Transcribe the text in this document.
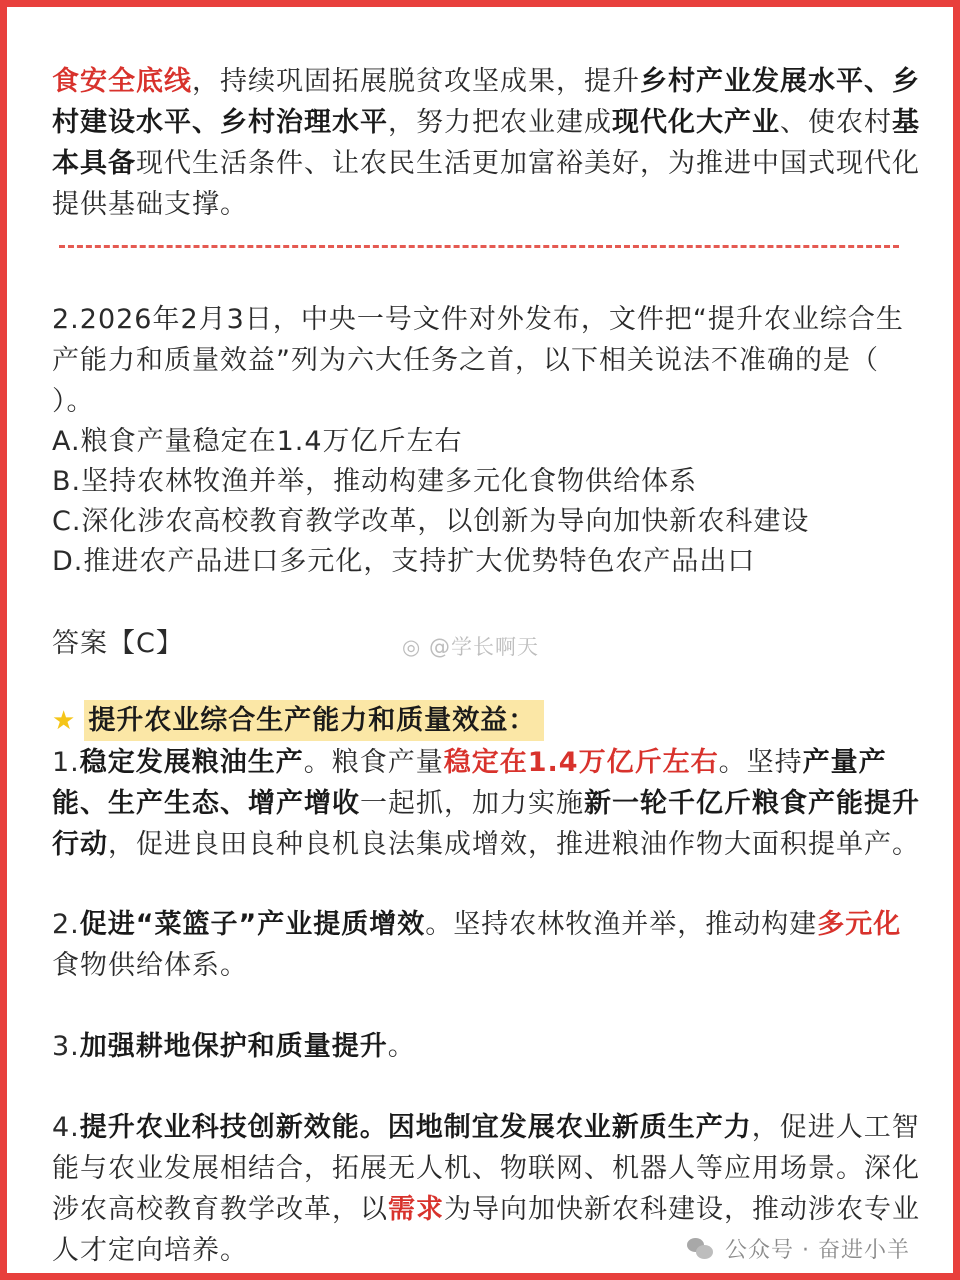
食安全底线，持续巩固拓展脱贫攻坚成果，提升乡村产业发展水平、乡村建设水平、乡村治理水平，努力把农业建成现代化大产业、使农村基本具备现代生活条件、让农民生活更加富裕美好，为推进中国式现代化提供基础支撑。
2.2026年2月3日，中央一号文件对外发布，文件把“提升农业综合生产能力和质量效益”列为六大任务之首，以下相关说法不准确的是（ ）。
A.粮食产量稳定在1.4万亿斤左右
B.坚持农林牧渔并举，推动构建多元化食物供给体系
C.深化涉农高校教育教学改革，以创新为导向加快新农科建设
D.推进农产品进口多元化，支持扩大优势特色农产品出口
答案【C】	◎ @学长啊天
★ 提升农业综合生产能力和质量效益：
1.稳定发展粮油生产。粮食产量稳定在1.4万亿斤左右。坚持产量产能、生产生态、增产增收一起抓，加力实施新一轮千亿斤粮食产能提升行动，促进良田良种良机良法集成增效，推进粮油作物大面积提单产。
2.促进“菜篮子”产业提质增效。坚持农林牧渔并举，推动构建多元化食物供给体系。
3.加强耕地保护和质量提升。
4.提升农业科技创新效能。因地制宜发展农业新质生产力，促进人工智能与农业发展相结合，拓展无人机、物联网、机器人等应用场景。深化涉农高校教育教学改革，以需求为导向加快新农科建设，推动涉农专业人才定向培养。	公众号 · 奋进小羊
